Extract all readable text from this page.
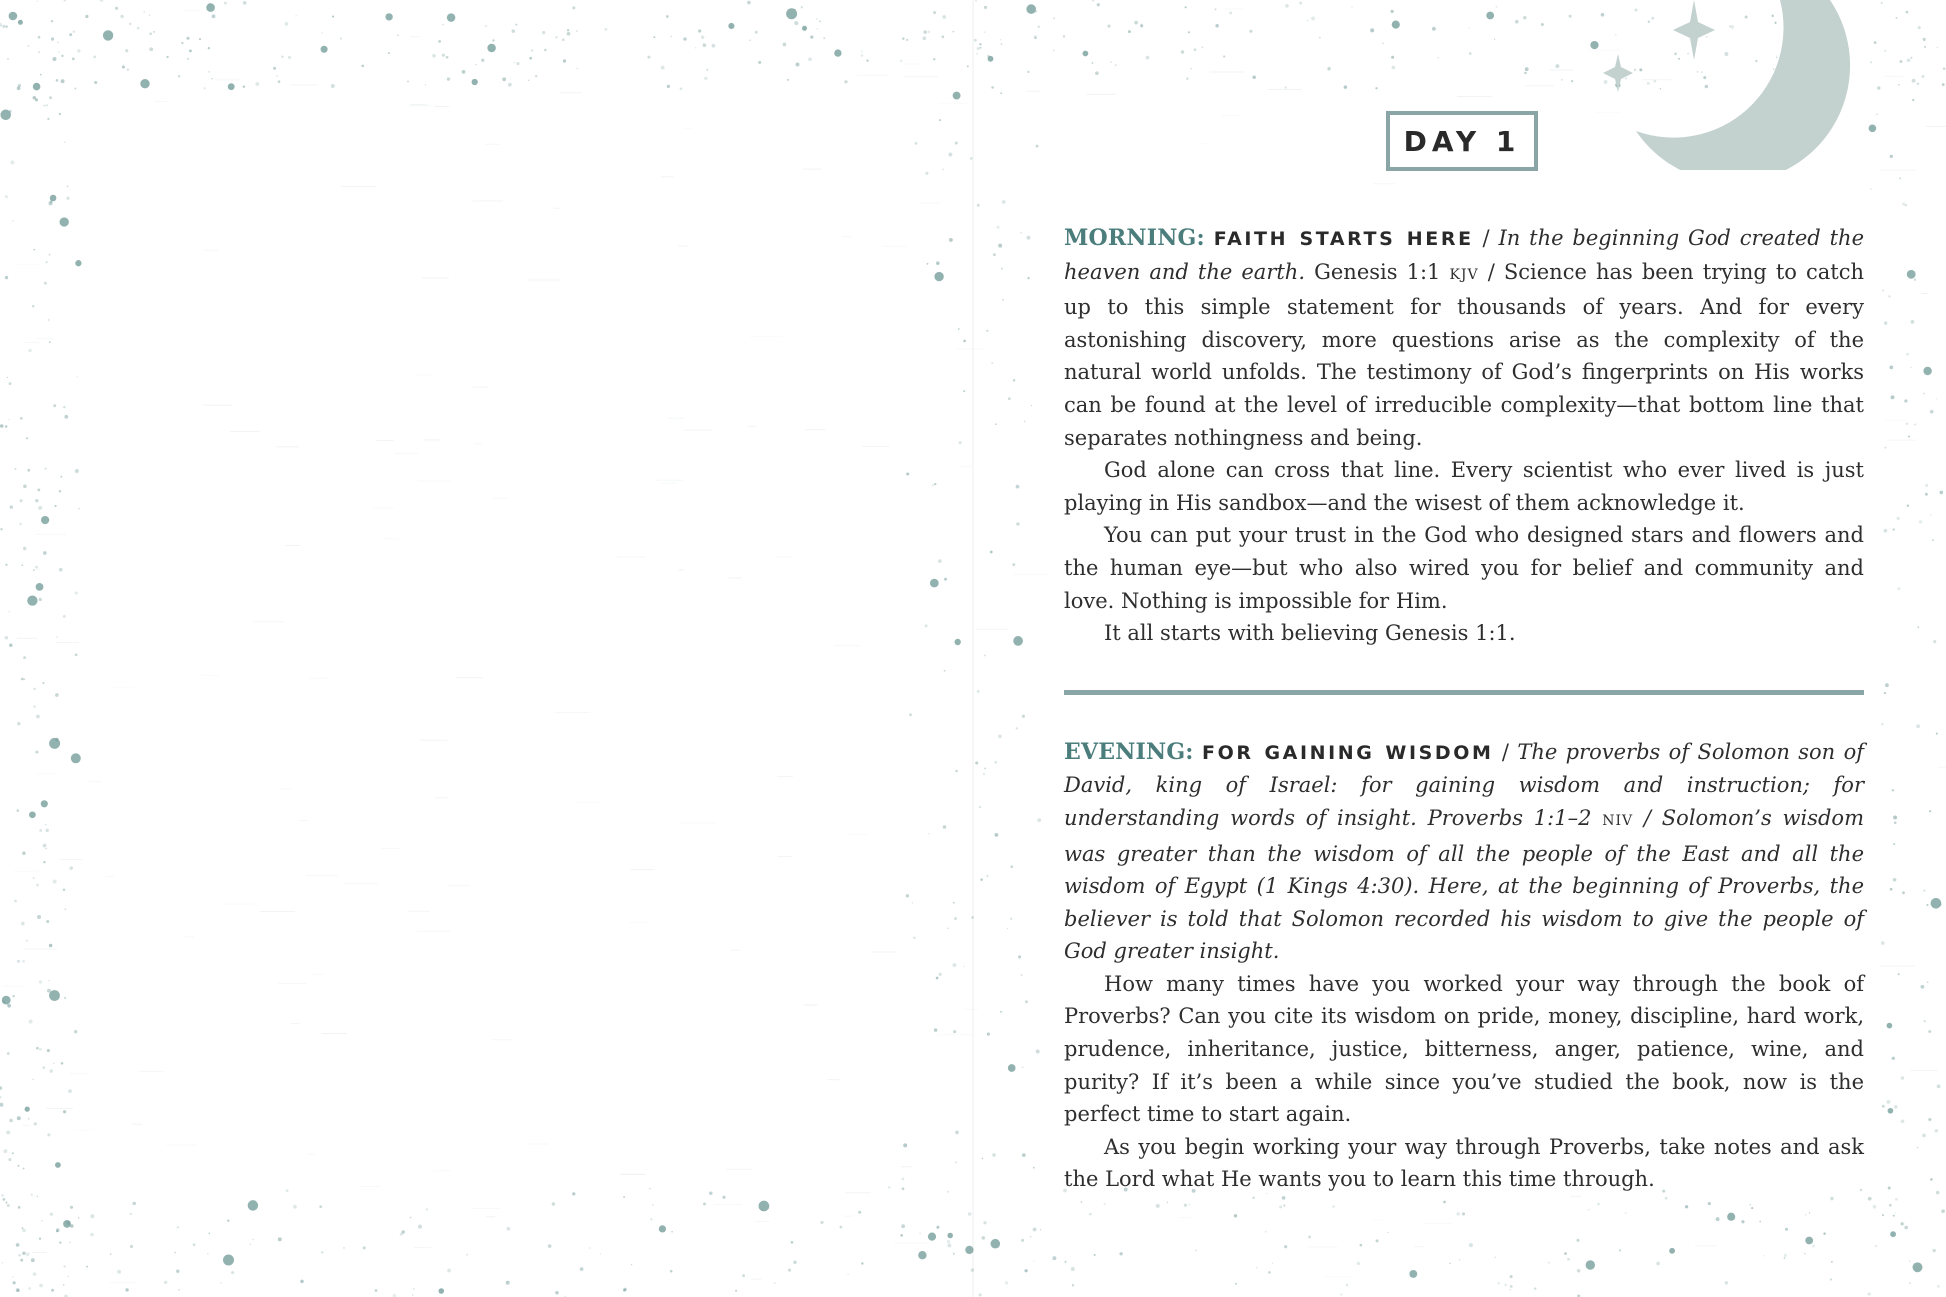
DAY 1

MORNING: FAITH STARTS HERE / In the beginning God created the heaven and the earth. Genesis 1:1 KJV / Science has been trying to catch up to this simple statement for thousands of years. And for every astonishing discovery, more questions arise as the complexity of the natural world unfolds. The testimony of God’s fingerprints on His works can be found at the level of irreducible complexity—that bottom line that separates nothingness and being.

God alone can cross that line. Every scientist who ever lived is just playing in His sandbox—and the wisest of them acknowledge it.

You can put your trust in the God who designed stars and flowers and the human eye—but who also wired you for belief and community and love. Nothing is impossible for Him.

It all starts with believing Genesis 1:1.

EVENING: FOR GAINING WISDOM / The proverbs of Solomon son of David, king of Israel: for gaining wisdom and instruction; for understanding words of insight. Proverbs 1:1–2 NIV / Solomon’s wisdom was greater than the wisdom of all the people of the East and all the wisdom of Egypt (1 Kings 4:30). Here, at the beginning of Proverbs, the believer is told that Solomon recorded his wisdom to give the people of God greater insight.

How many times have you worked your way through the book of Proverbs? Can you cite its wisdom on pride, money, discipline, hard work, prudence, inheritance, justice, bitterness, anger, patience, wine, and purity? If it’s been a while since you’ve studied the book, now is the perfect time to start again.

As you begin working your way through Proverbs, take notes and ask the Lord what He wants you to learn this time through.
